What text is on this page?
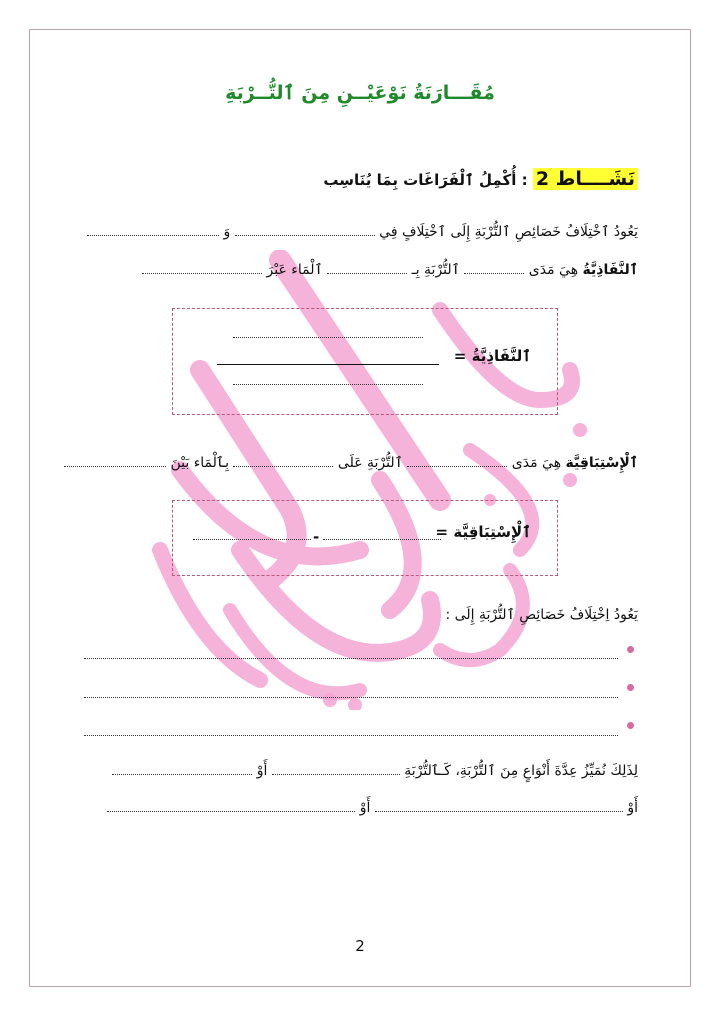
مُقَـــارَنَةُ نَوْعَيْــنِ مِنَ ٱلتُّــرْبَةِ
نَشَــــاط 2 : أُكْمِلُ ٱلْفَرَاغَات بِمَا يُنَاسِب
يَعُودُ ٱخْتِلَافُ خَصَائِصِ ٱلتُّرْبَةِ إِلَى ٱخْتِلَافٍ فِي  وَ
ٱلنَّفَاذِيَّةُ هِيَ مَدَى  ٱلتُّرْبَةِ بِـ  ٱلْمَاء عَبْرَ
ٱلنَّفَاذِيَّةُ =
ٱلْإِسْتِبَاقِيَّة هِيَ مَدَى  ٱلتُّرْبَةِ عَلَى  بِٱلْمَاء بَيْنَ
-	ٱلْإِسْتِبَاقِيَّة =
يَعُودُ اِخْتِلَافُ خَصَائِصِ ٱلتُّرْبَةِ إِلَى :
لِذَلِكَ نُمَيِّزُ عِدَّةَ أَنْوَاعٍ مِنَ ٱلتُّرْبَةِ، كَـٱلتُّرْبَةِ  أَوْ
أَوْ  أَوْ
2
